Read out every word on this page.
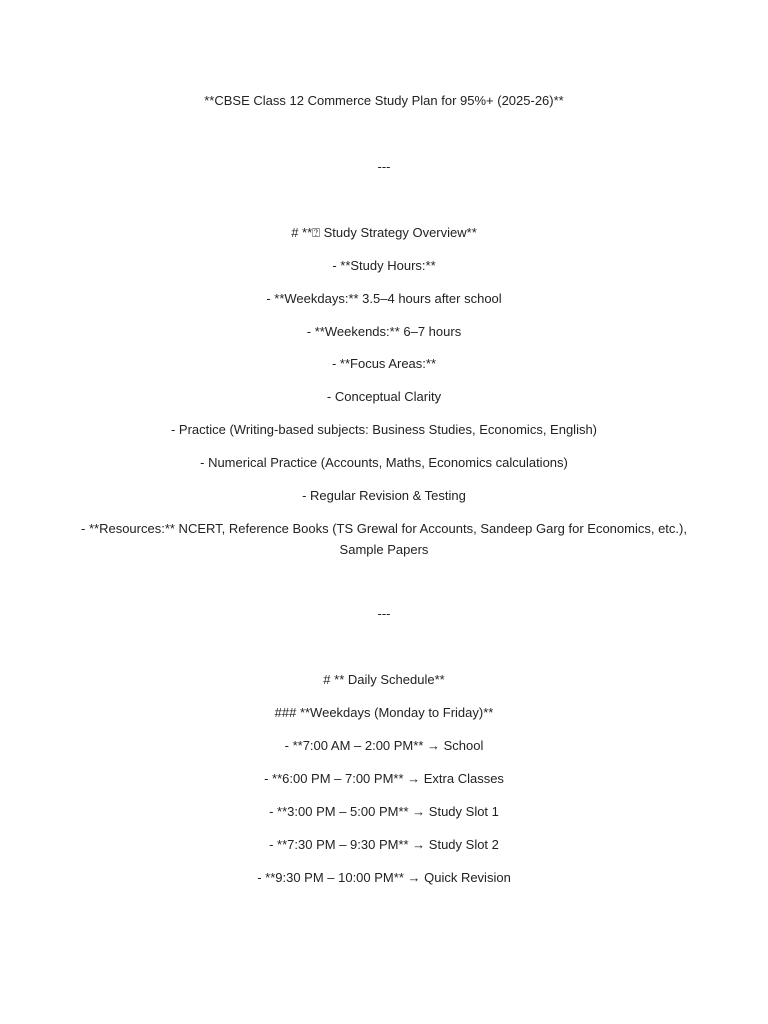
**CBSE Class 12 Commerce Study Plan for 95%+ (2025-26)**
---
# **⍰ Study Strategy Overview**
- **Study Hours:**
- **Weekdays:** 3.5–4 hours after school
- **Weekends:** 6–7 hours
- **Focus Areas:**
- Conceptual Clarity
- Practice (Writing-based subjects: Business Studies, Economics, English)
- Numerical Practice (Accounts, Maths, Economics calculations)
- Regular Revision & Testing
- **Resources:** NCERT, Reference Books (TS Grewal for Accounts, Sandeep Garg for Economics, etc.), Sample Papers
---
# ** Daily Schedule**
### **Weekdays (Monday to Friday)**
- **7:00 AM – 2:00 PM** → School
- **6:00 PM – 7:00 PM** → Extra Classes
- **3:00 PM – 5:00 PM** → Study Slot 1
- **7:30 PM – 9:30 PM** → Study Slot 2
- **9:30 PM – 10:00 PM** → Quick Revision
